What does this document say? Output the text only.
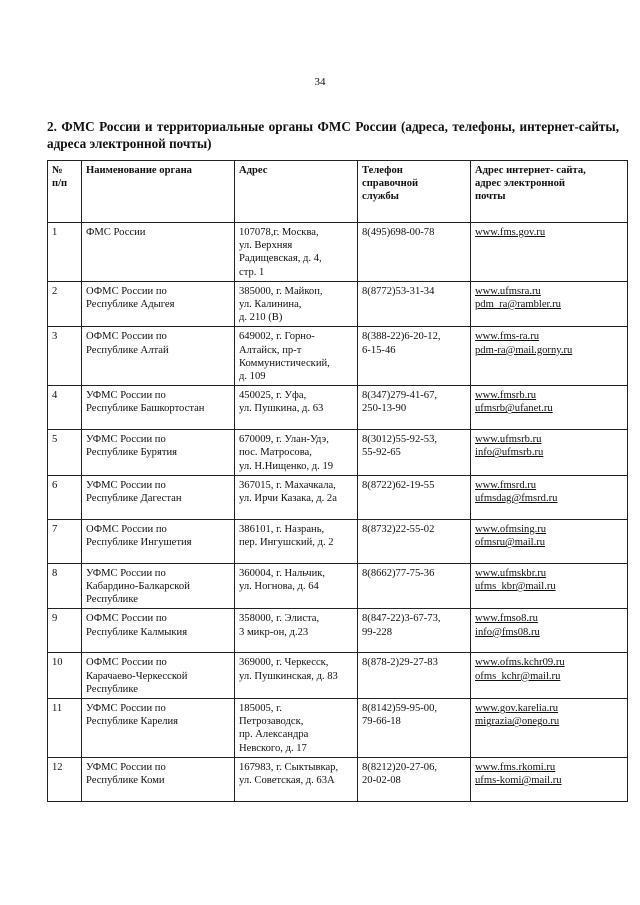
34
2. ФМС России и территориальные органы ФМС России (адреса, телефоны, интернет-сайты, адреса электронной почты)
№
п/п	Наименование органа	Адрес	Телефон
справочной
службы	Адрес интернет- сайта,
адрес электронной
почты

1	ФМС России	107078,г. Москва,
ул. Верхняя
Радищевская, д. 4,
стр. 1	8(495)698-00-78	www.fms.gov.ru

2	ОФМС России по
Республике Адыгея	385000, г. Майкоп,
ул. Калинина,
д. 210 (В)	8(8772)53-31-34	www.ufmsra.ru
pdm_ra@rambler.ru

3	ОФМС России по
Республике Алтай	649002, г. Горно-
Алтайск, пр-т
Коммунистический,
д. 109	8(388-22)6-20-12,
6-15-46	www.fms-ra.ru
pdm-ra@mail.gorny.ru

4	УФМС России по
Республике Башкортостан	450025, г. Уфа,
ул. Пушкина, д. 63	8(347)279-41-67,
250-13-90	www.fmsrb.ru
ufmsrb@ufanet.ru

5	УФМС России по
Республике Бурятия	670009, г. Улан-Удэ,
пос. Матросова,
ул. Н.Нищенко, д. 19	8(3012)55-92-53,
55-92-65	www.ufmsrb.ru
info@ufmsrb.ru

6	УФМС России по
Республике Дагестан	367015, г. Махачкала,
ул. Ирчи Казака, д. 2а	8(8722)62-19-55	www.fmsrd.ru
ufmsdag@fmsrd.ru

7	ОФМС России по
Республике Ингушетия	386101, г. Назрань,
пер. Ингушский, д. 2	8(8732)22-55-02	www.ofmsing.ru
ofmsru@mail.ru

8	УФМС России по
Кабардино-Балкарской
Республике	360004, г. Нальчик,
ул. Ногнова, д. 64	8(8662)77-75-36	www.ufmskbr.ru
ufms_kbr@mail.ru

9	ОФМС России по
Республике Калмыкия	358000, г. Элиста,
3 микр-он, д.23	8(847-22)3-67-73,
99-228	www.fmso8.ru
info@fms08.ru

10	ОФМС России по
Карачаево-Черкесской
Республике	369000, г. Черкесск,
ул. Пушкинская, д. 83	8(878-2)29-27-83	www.ofms.kchr09.ru
ofms_kchr@mail.ru

11	УФМС России по
Республике Карелия	185005, г.
Петрозаводск,
пр. Александра
Невского, д. 17	8(8142)59-95-00,
79-66-18	www.gov.karelia.ru
migrazia@onego.ru

12	УФМС России по
Республике Коми	167983, г. Сыктывкар,
ул. Советская, д. 63А	8(8212)20-27-06,
20-02-08	www.fms.rkomi.ru
ufms-komi@mail.ru
